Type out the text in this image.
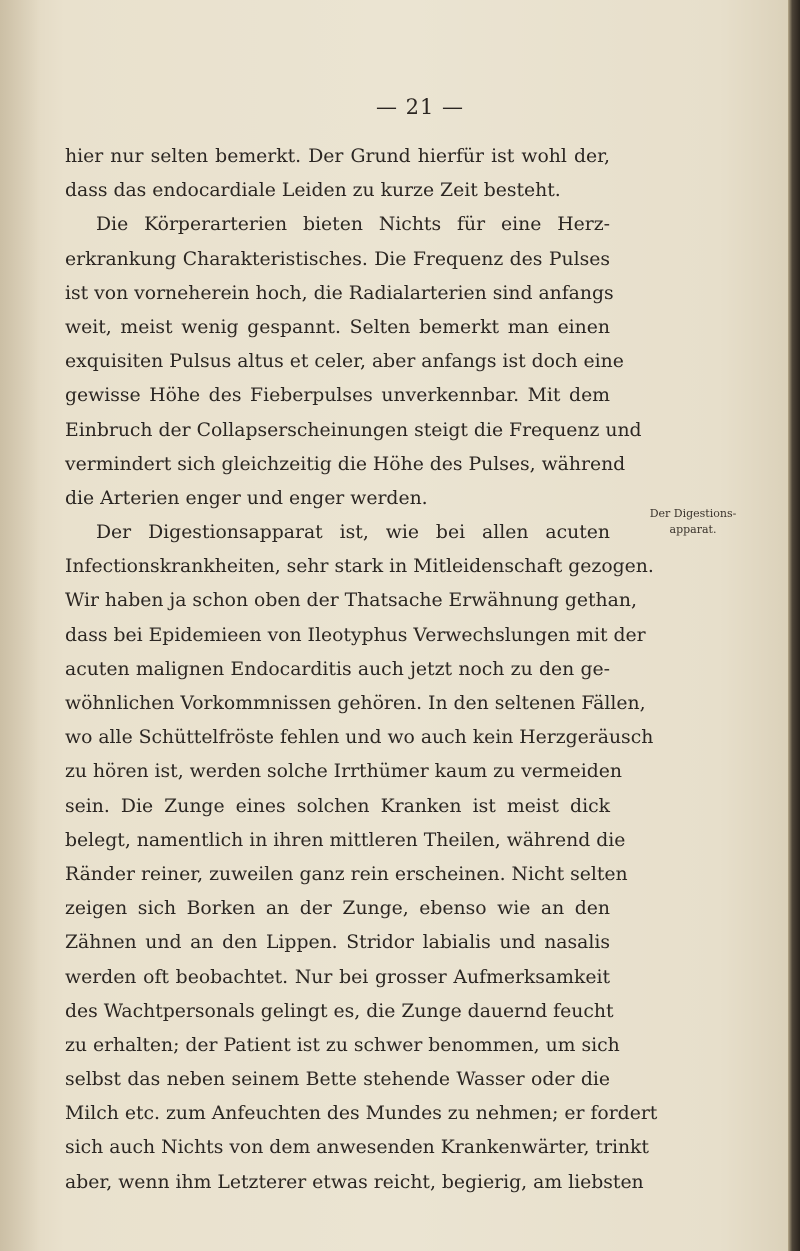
— 21 —
hier nur selten bemerkt. Der Grund hierfür ist wohl der,
dass das endocardiale Leiden zu kurze Zeit besteht.
Die Körperarterien bieten Nichts für eine Herz-
erkrankung Charakteristisches. Die Frequenz des Pulses
ist von vorneherein hoch, die Radialarterien sind anfangs
weit, meist wenig gespannt. Selten bemerkt man einen
exquisiten Pulsus altus et celer, aber anfangs ist doch eine
gewisse Höhe des Fieberpulses unverkennbar. Mit dem
Einbruch der Collapserscheinungen steigt die Frequenz und
vermindert sich gleichzeitig die Höhe des Pulses, während
die Arterien enger und enger werden.
Der Digestionsapparat ist, wie bei allen acuten
Infectionskrankheiten, sehr stark in Mitleidenschaft gezogen.
Wir haben ja schon oben der Thatsache Erwähnung gethan,
dass bei Epidemieen von Ileotyphus Verwechslungen mit der
acuten malignen Endocarditis auch jetzt noch zu den ge-
wöhnlichen Vorkommnissen gehören. In den seltenen Fällen,
wo alle Schüttelfröste fehlen und wo auch kein Herzgeräusch
zu hören ist, werden solche Irrthümer kaum zu vermeiden
sein. Die Zunge eines solchen Kranken ist meist dick
belegt, namentlich in ihren mittleren Theilen, während die
Ränder reiner, zuweilen ganz rein erscheinen. Nicht selten
zeigen sich Borken an der Zunge, ebenso wie an den
Zähnen und an den Lippen. Stridor labialis und nasalis
werden oft beobachtet. Nur bei grosser Aufmerksamkeit
des Wachtpersonals gelingt es, die Zunge dauernd feucht
zu erhalten; der Patient ist zu schwer benommen, um sich
selbst das neben seinem Bette stehende Wasser oder die
Milch etc. zum Anfeuchten des Mundes zu nehmen; er fordert
sich auch Nichts von dem anwesenden Krankenwärter, trinkt
aber, wenn ihm Letzterer etwas reicht, begierig, am liebsten
Der Digestions-
apparat.
